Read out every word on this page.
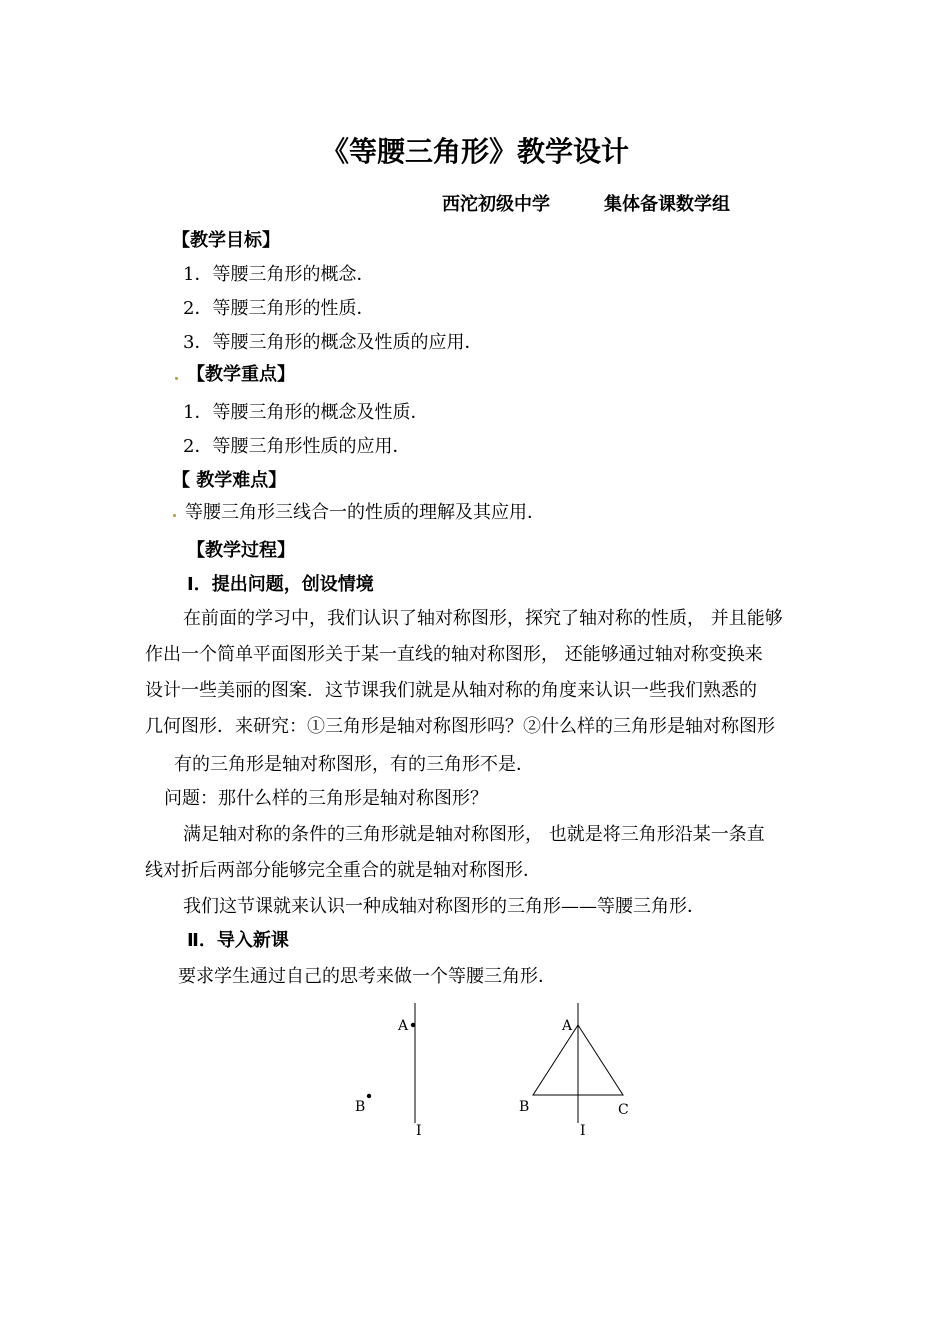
《等腰三角形》教学设计
西沱初级中学	集体备课数学组
【教学目标】
1．等腰三角形的概念．
2．等腰三角形的性质．
3．等腰三角形的概念及性质的应用．
【教学重点】
1．等腰三角形的概念及性质．
2．等腰三角形性质的应用．
【 教学难点】
等腰三角形三线合一的性质的理解及其应用．
【教学过程】
Ⅰ．提出问题，创设情境
在前面的学习中，我们认识了轴对称图形，探究了轴对称的性质， 并且能够
作出一个简单平面图形关于某一直线的轴对称图形， 还能够通过轴对称变换来
设计一些美丽的图案．这节课我们就是从轴对称的角度来认识一些我们熟悉的
几何图形．来研究：①三角形是轴对称图形吗？②什么样的三角形是轴对称图形
有的三角形是轴对称图形，有的三角形不是．
问题：那什么样的三角形是轴对称图形？
满足轴对称的条件的三角形就是轴对称图形， 也就是将三角形沿某一条直
线对折后两部分能够完全重合的就是轴对称图形．
我们这节课就来认识一种成轴对称图形的三角形——等腰三角形．
Ⅱ．导入新课
要求学生通过自己的思考来做一个等腰三角形．
A
B
I
A
B	C
I
